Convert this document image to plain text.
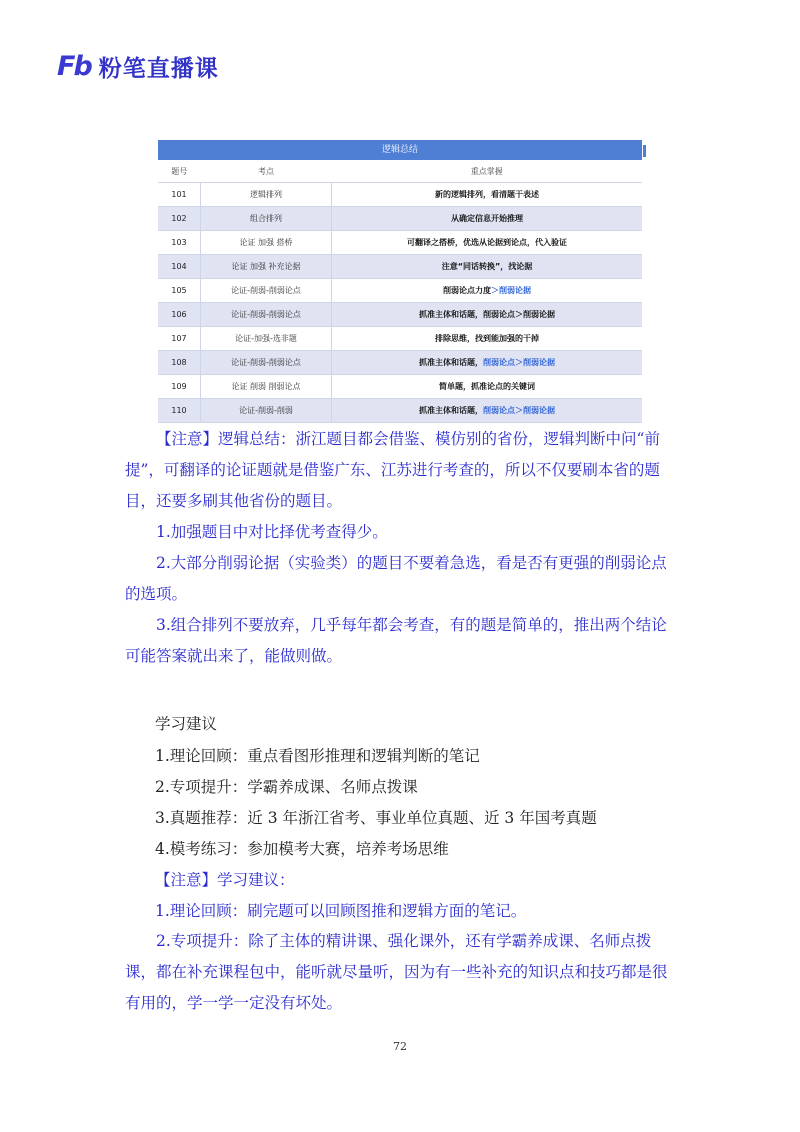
Fb 粉笔直播课
逻辑总结
题号	考点	重点掌握
101	逻辑排列	新的逻辑排列，看清题干表述
102	组合排列	从确定信息开始推理
103	论证 加强 搭桥	可翻译之搭桥，优选从论据到论点，代入验证
104	论证 加强 补充论据	注意“同话转换”，找论据
105	论证-削弱-削弱论点	削弱论点力度＞削弱论据
106	论证-削弱-削弱论点	抓准主体和话题，削弱论点＞削弱论据
107	论证-加强-选非题	排除思维，找到能加强的干掉
108	论证-削弱-削弱论点	抓准主体和话题，削弱论点＞削弱论据
109	论证 削弱 削弱论点	简单题，抓准论点的关键词
110	论证-削弱-削弱	抓准主体和话题，削弱论点＞削弱论据
【注意】逻辑总结：浙江题目都会借鉴、模仿别的省份，逻辑判断中问“前提”，可翻译的论证题就是借鉴广东、江苏进行考查的，所以不仅要刷本省的题目，还要多刷其他省份的题目。
1.加强题目中对比择优考查得少。
2.大部分削弱论据（实验类）的题目不要着急选，看是否有更强的削弱论点的选项。
3.组合排列不要放弃，几乎每年都会考查，有的题是简单的，推出两个结论可能答案就出来了，能做则做。
学习建议
1.理论回顾：重点看图形推理和逻辑判断的笔记
2.专项提升：学霸养成课、名师点拨课
3.真题推荐：近 3 年浙江省考、事业单位真题、近 3 年国考真题
4.模考练习：参加模考大赛，培养考场思维
【注意】学习建议：
1.理论回顾：刷完题可以回顾图推和逻辑方面的笔记。
2.专项提升：除了主体的精讲课、强化课外，还有学霸养成课、名师点拨课，都在补充课程包中，能听就尽量听，因为有一些补充的知识点和技巧都是很有用的，学一学一定没有坏处。
72
